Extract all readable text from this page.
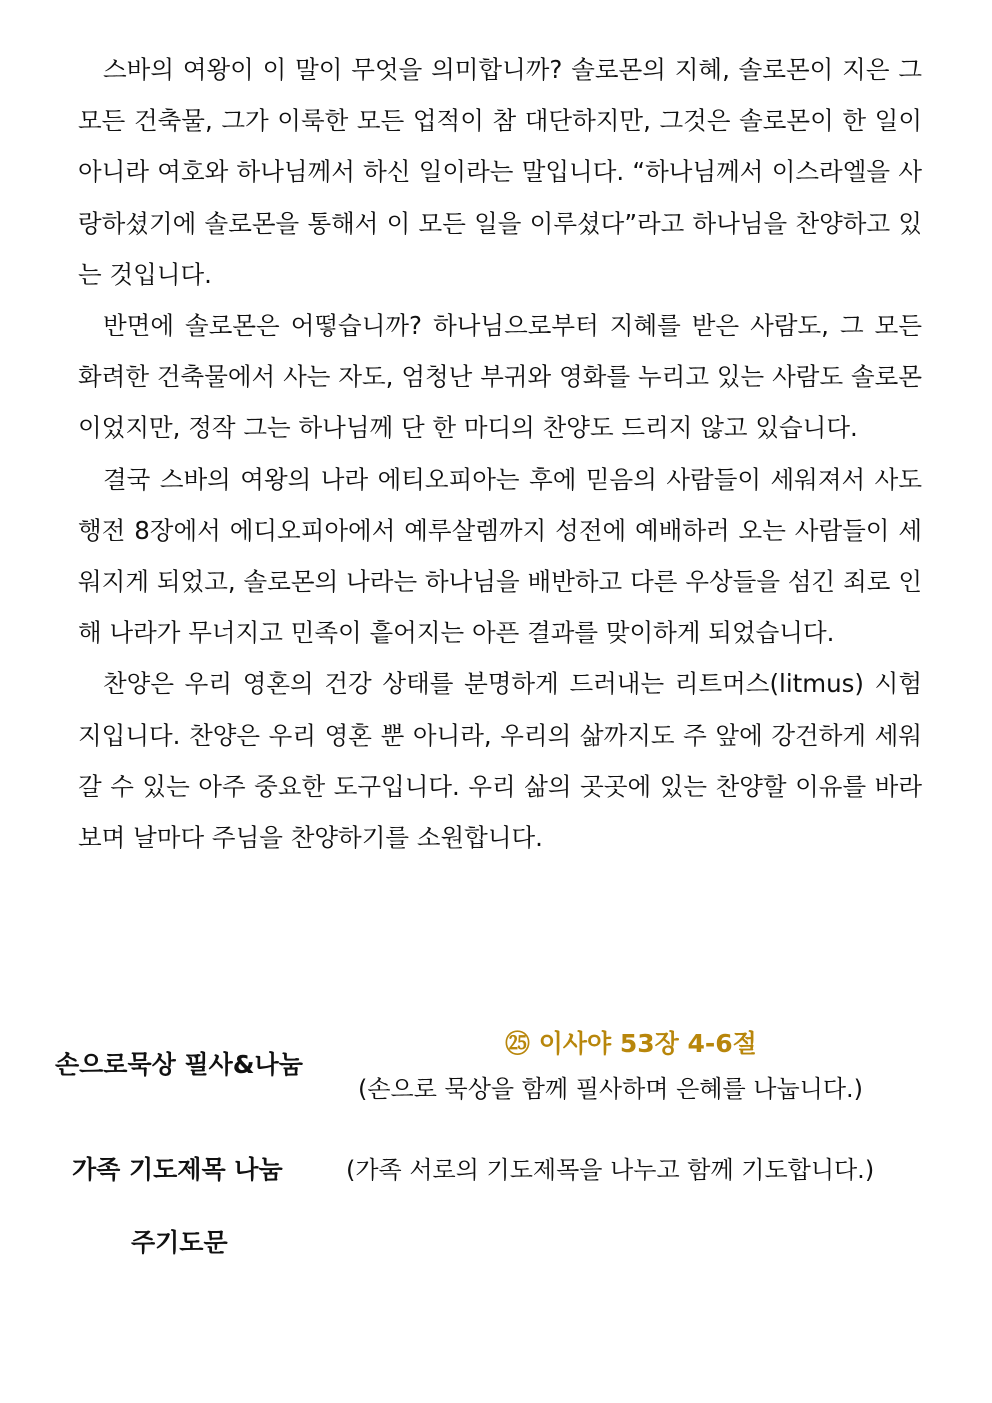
스바의 여왕이 이 말이 무엇을 의미합니까? 솔로몬의 지혜, 솔로몬이 지은 그 모든 건축물, 그가 이룩한 모든 업적이 참 대단하지만, 그것은 솔로몬이 한 일이 아니라 여호와 하나님께서 하신 일이라는 말입니다. “하나님께서 이스라엘을 사랑하셨기에 솔로몬을 통해서 이 모든 일을 이루셨다”라고 하나님을 찬양하고 있는 것입니다.

반면에 솔로몬은 어떻습니까? 하나님으로부터 지혜를 받은 사람도, 그 모든 화려한 건축물에서 사는 자도, 엄청난 부귀와 영화를 누리고 있는 사람도 솔로몬이었지만, 정작 그는 하나님께 단 한 마디의 찬양도 드리지 않고 있습니다.

결국 스바의 여왕의 나라 에티오피아는 후에 믿음의 사람들이 세워져서 사도행전 8장에서 에디오피아에서 예루살렘까지 성전에 예배하러 오는 사람들이 세워지게 되었고, 솔로몬의 나라는 하나님을 배반하고 다른 우상들을 섬긴 죄로 인해 나라가 무너지고 민족이 흩어지는 아픈 결과를 맞이하게 되었습니다.

찬양은 우리 영혼의 건강 상태를 분명하게 드러내는 리트머스(litmus) 시험지입니다. 찬양은 우리 영혼 뿐 아니라, 우리의 삶까지도 주 앞에 강건하게 세워갈 수 있는 아주 중요한 도구입니다. 우리 삶의 곳곳에 있는 찬양할 이유를 바라보며 날마다 주님을 찬양하기를 소원합니다.

손으로묵상 필사&나눔
㉕ 이사야 53장 4-6절
(손으로 묵상을 함께 필사하며 은혜를 나눕니다.)
가족 기도제목 나눔	(가족 서로의 기도제목을 나누고 함께 기도합니다.)
주기도문
